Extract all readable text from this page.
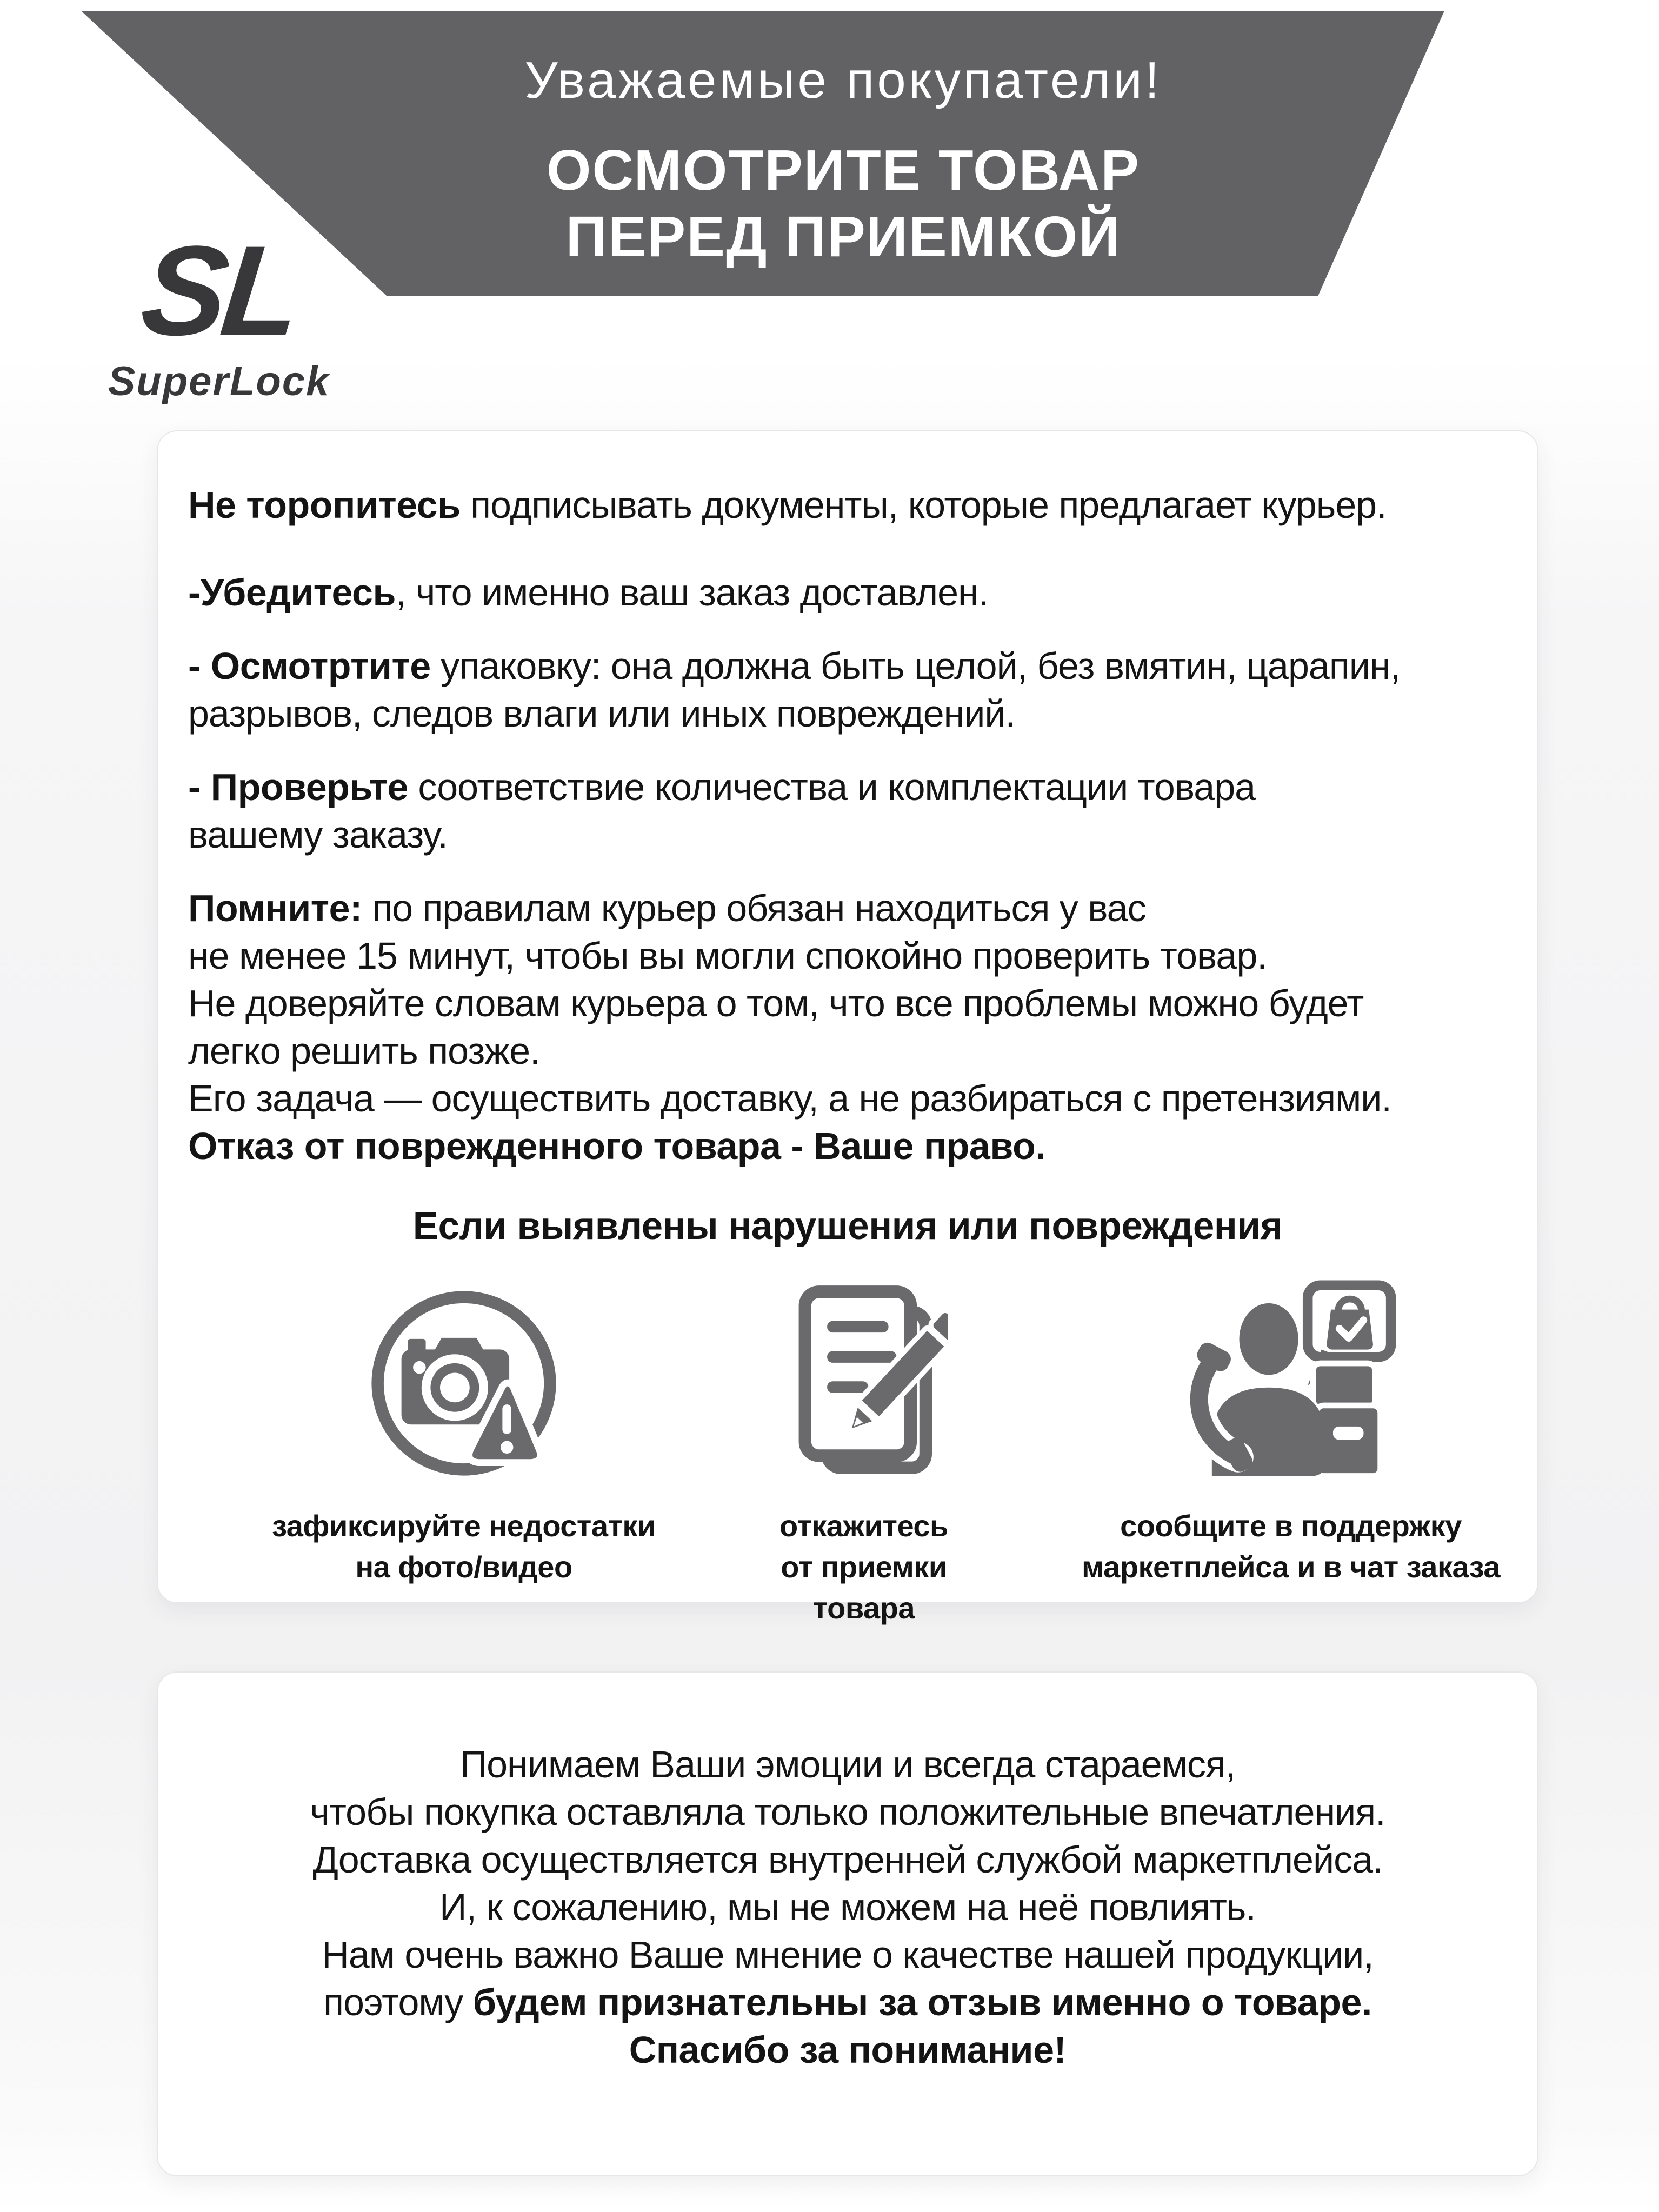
Уважаемые покупатели!
ОСМОТРИТЕ ТОВАР
ПЕРЕД ПРИЕМКОЙ
SL
SuperLock
Не торопитесь подписывать документы, которые предлагает курьер.
-Убедитесь, что именно ваш заказ доставлен.
- Осмотртите упаковку: она должна быть целой, без вмятин, царапин,
разрывов, следов влаги или иных повреждений.
- Проверьте соответствие количества и комплектации товара
вашему заказу.
Помните: по правилам курьер обязан находиться у вас
не менее 15 минут, чтобы вы могли спокойно проверить товар.
Не доверяйте словам курьера о том, что все проблемы можно будет
легко решить позже.
Его задача — осуществить доставку, а не разбираться с претензиями.
Отказ от поврежденного товара - Ваше право.
Если выявлены нарушения или повреждения
зафиксируйте недостатки
на фото/видео
откажитесь
от приемки
товара
сообщите в поддержку
маркетплейса и в чат заказа
Понимаем Ваши эмоции и всегда стараемся,
чтобы покупка оставляла только положительные впечатления.
Доставка осуществляется внутренней службой маркетплейса.
И, к сожалению, мы не можем на неё повлиять.
Нам очень важно Ваше мнение о качестве нашей продукции,
поэтому будем признательны за отзыв именно о товаре.
Спасибо за понимание!
